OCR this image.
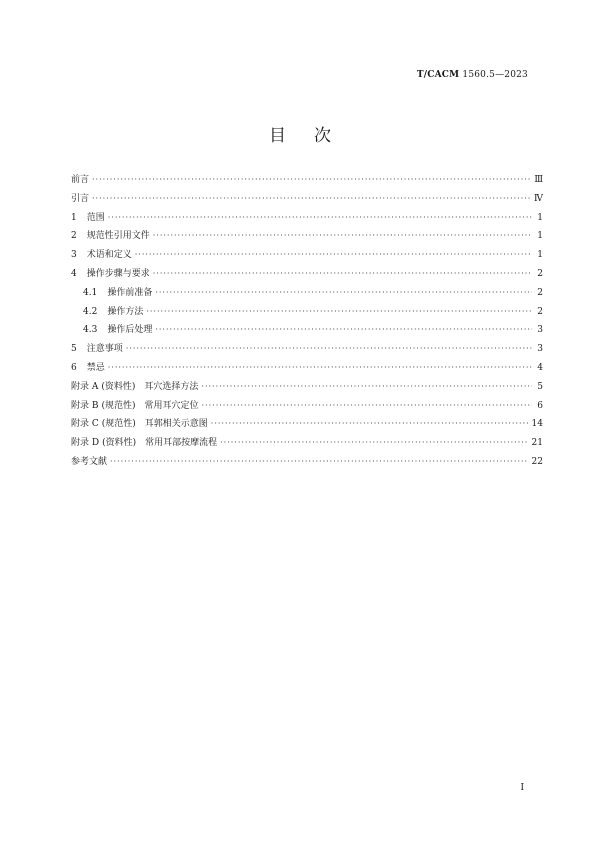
T/CACM 1560.5—2023
目次
前言 ·····	Ⅲ
引言 ·····	Ⅳ
1 范围 ·····	1
2 规范性引用文件 ·····	1
3 术语和定义 ·····	1
4 操作步骤与要求 ·····	2
4.1 操作前准备 ·····	2
4.2 操作方法 ·····	2
4.3 操作后处理 ·····	3
5 注意事项 ·····	3
6 禁忌 ·····	4
附录 A (资料性)　耳穴选择方法 ·····	5
附录 B (规范性)　常用耳穴定位 ·····	6
附录 C (规范性)　耳郭相关示意图 ·····	14
附录 D (资料性)　常用耳部按摩流程 ·····	21
参考文献 ·····	22
I
